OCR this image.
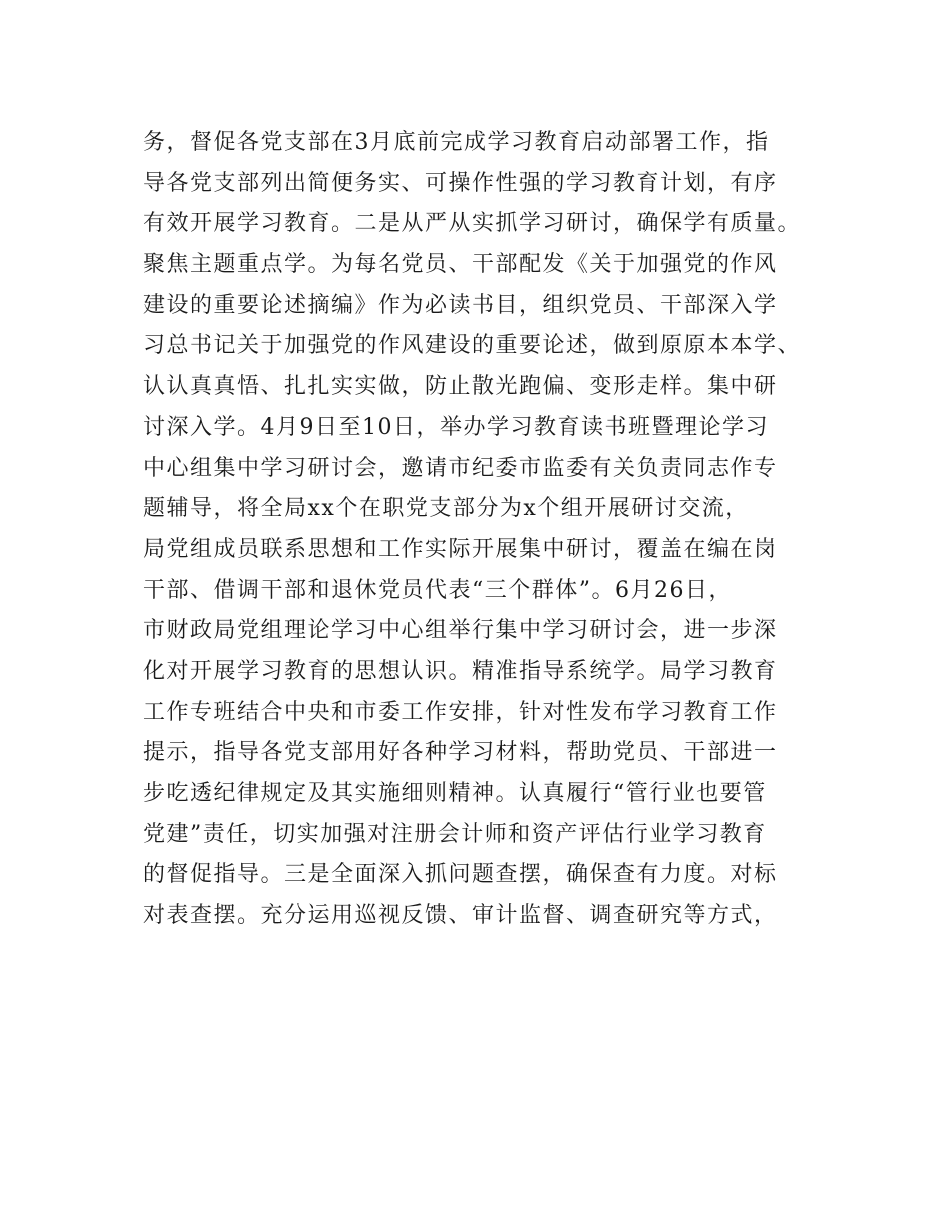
务，督促各党支部在3月底前完成学习教育启动部署工作，指
导各党支部列出简便务实、可操作性强的学习教育计划，有序
有效开展学习教育。二是从严从实抓学习研讨，确保学有质量。
聚焦主题重点学。为每名党员、干部配发《关于加强党的作风
建设的重要论述摘编》作为必读书目，组织党员、干部深入学
习总书记关于加强党的作风建设的重要论述，做到原原本本学、
认认真真悟、扎扎实实做，防止散光跑偏、变形走样。集中研
讨深入学。4月9日至10日，举办学习教育读书班暨理论学习
中心组集中学习研讨会，邀请市纪委市监委有关负责同志作专
题辅导，将全局xx个在职党支部分为x个组开展研讨交流，
局党组成员联系思想和工作实际开展集中研讨，覆盖在编在岗
干部、借调干部和退休党员代表“三个群体”。6月26日，
市财政局党组理论学习中心组举行集中学习研讨会，进一步深
化对开展学习教育的思想认识。精准指导系统学。局学习教育
工作专班结合中央和市委工作安排，针对性发布学习教育工作
提示，指导各党支部用好各种学习材料，帮助党员、干部进一
步吃透纪律规定及其实施细则精神。认真履行“管行业也要管
党建”责任，切实加强对注册会计师和资产评估行业学习教育
的督促指导。三是全面深入抓问题查摆，确保查有力度。对标
对表查摆。充分运用巡视反馈、审计监督、调查研究等方式，
